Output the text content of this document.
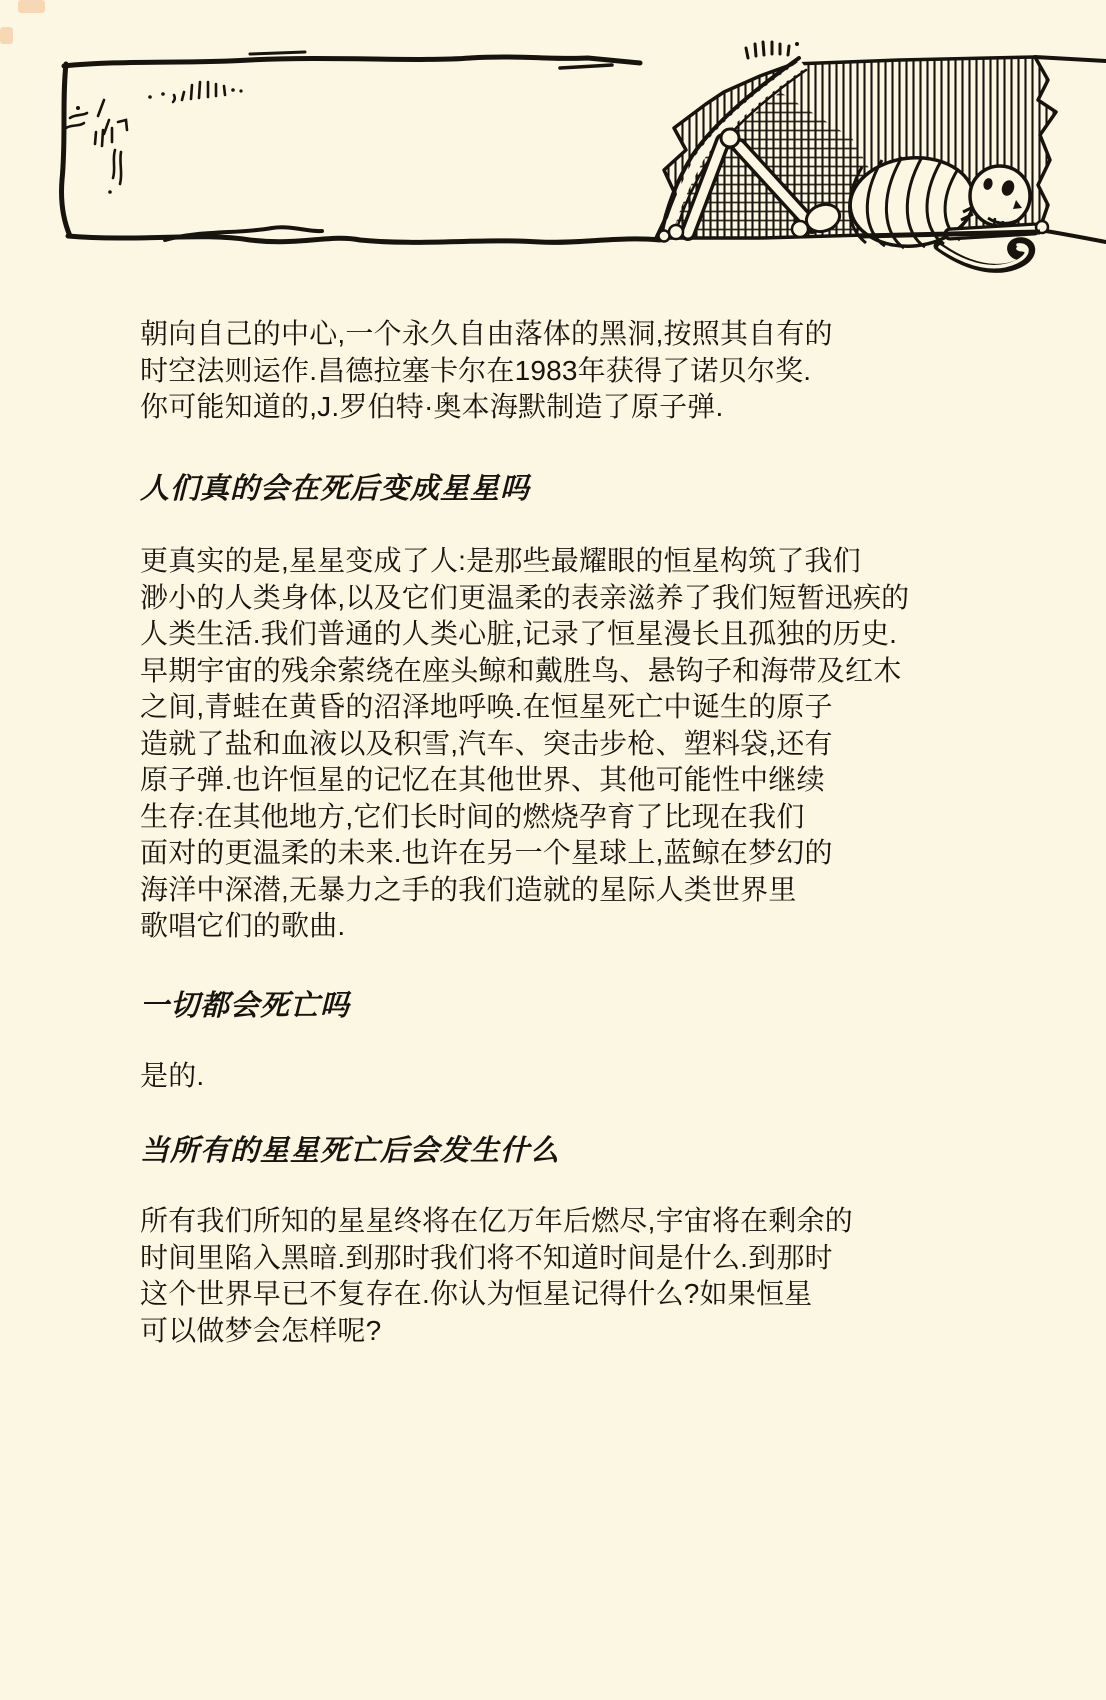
朝向自己的中心,一个永久自由落体的黑洞,按照其自有的
时空法则运作.昌德拉塞卡尔在1983年获得了诺贝尔奖.
你可能知道的,J.罗伯特·奥本海默制造了原子弹.
人们真的会在死后变成星星吗
更真实的是,星星变成了人:是那些最耀眼的恒星构筑了我们
渺小的人类身体,以及它们更温柔的表亲滋养了我们短暂迅疾的
人类生活.我们普通的人类心脏,记录了恒星漫长且孤独的历史.
早期宇宙的残余萦绕在座头鲸和戴胜鸟、悬钩子和海带及红木
之间,青蛙在黄昏的沼泽地呼唤.在恒星死亡中诞生的原子
造就了盐和血液以及积雪,汽车、突击步枪、塑料袋,还有
原子弹.也许恒星的记忆在其他世界、其他可能性中继续
生存:在其他地方,它们长时间的燃烧孕育了比现在我们
面对的更温柔的未来.也许在另一个星球上,蓝鲸在梦幻的
海洋中深潜,无暴力之手的我们造就的星际人类世界里
歌唱它们的歌曲.
一切都会死亡吗
是的.
当所有的星星死亡后会发生什么
所有我们所知的星星终将在亿万年后燃尽,宇宙将在剩余的
时间里陷入黑暗.到那时我们将不知道时间是什么.到那时
这个世界早已不复存在.你认为恒星记得什么?如果恒星
可以做梦会怎样呢?
